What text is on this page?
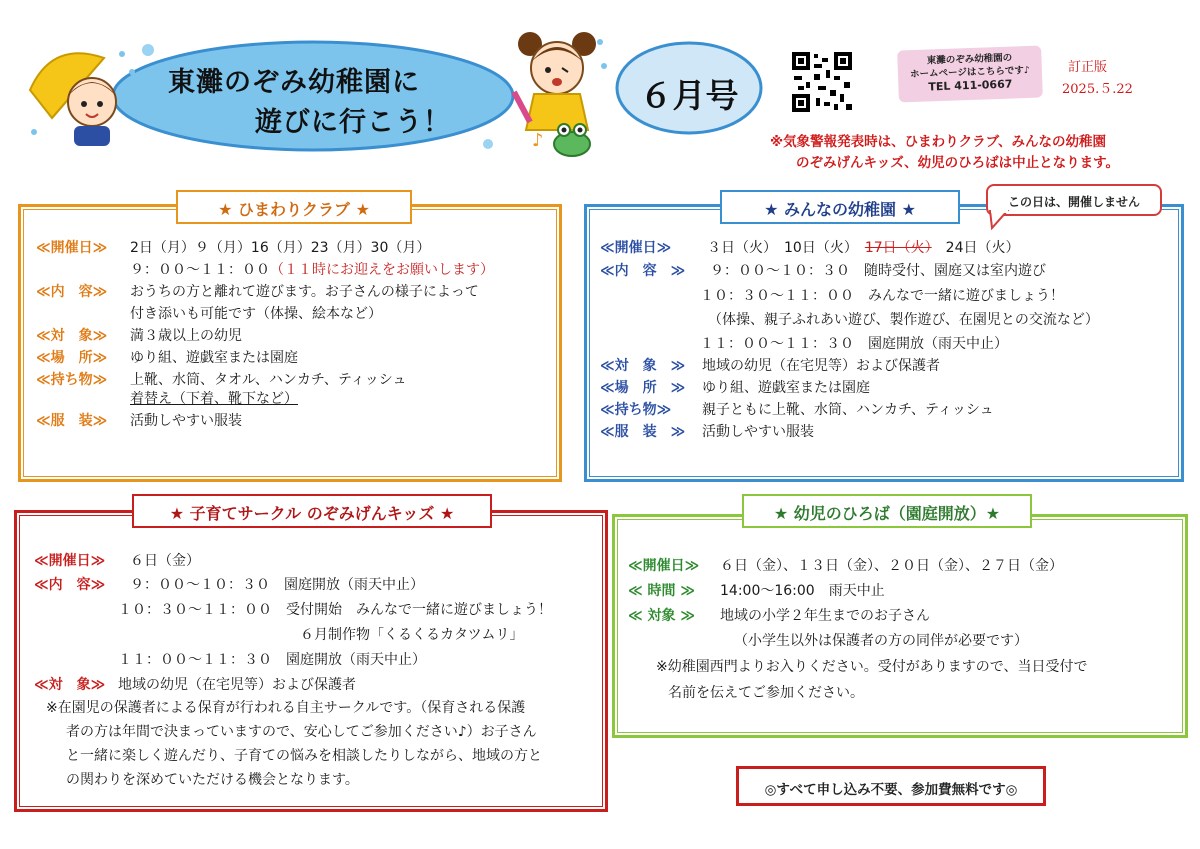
東灘のぞみ幼稚園に
遊びに行こう！
♪
６月号
東灘のぞみ幼稚園の
ホームページはこちらです♪
TEL 411-0667
訂正版
2025.５.22
※気象警報発表時は、ひまわりクラブ、みんなの幼稚園
のぞみげんキッズ、幼児のひろばは中止となります。
★ ひまわりクラブ ★
≪開催日≫ 2日（月）９（月）16（月）23（月）30（月）
９：００～１１：００（１１時にお迎えをお願いします）
≪内　容≫ おうちの方と離れて遊びます。お子さんの様子によって
付き添いも可能です（体操、絵本など）
≪対　象≫ 満３歳以上の幼児
≪場　所≫ ゆり組、遊戯室または園庭
≪持ち物≫ 上靴、水筒、タオル、ハンカチ、ティッシュ
着替え（下着、靴下など）
≪服　装≫ 活動しやすい服装
★ みんなの幼稚園 ★	この日は、開催しません
≪開催日≫	３日（火）　 10日（火）　 17日（火）　 24日（火）
≪内　容　≫ ９：００～１０：３０　随時受付、園庭又は室内遊び
１０：３０～１１：００　みんなで一緒に遊びましょう！
（体操、親子ふれあい遊び、製作遊び、在園児との交流など）
１１：００～１１：３０　園庭開放（雨天中止）
≪対　象　≫ 地域の幼児（在宅児等）および保護者
≪場　所　≫ ゆり組、遊戯室または園庭
≪持ち物≫ 親子ともに上靴、水筒、ハンカチ、ティッシュ
≪服　装　≫ 活動しやすい服装
★ 子育てサークル のぞみげんキッズ ★
≪開催日≫ ６日（金）
≪内　容≫ ９：００～１０：３０　園庭開放（雨天中止）
１０：３０～１１：００　受付開始　みんなで一緒に遊びましょう！
６月制作物「くるくるカタツムリ」
１１：００～１１：３０　園庭開放（雨天中止）
≪対　象≫ 地域の幼児（在宅児等）および保護者
※在園児の保護者による保育が行われる自主サークルです。（保育される保護
者の方は年間で決まっていますので、安心してご参加ください♪）お子さん
と一緒に楽しく遊んだり、子育ての悩みを相談したりしながら、地域の方と
の関わりを深めていただける機会となります。
★ 幼児のひろば（園庭開放）★
≪開催日≫ ６日（金）、１３日（金）、２０日（金）、２７日（金）
≪ 時間 ≫ 14:00～16:00　雨天中止
≪ 対象 ≫ 地域の小学２年生までのお子さん
（小学生以外は保護者の方の同伴が必要です）
※幼稚園西門よりお入りください。受付がありますので、当日受付で
名前を伝えてご参加ください。
◎すべて申し込み不要、参加費無料です◎
